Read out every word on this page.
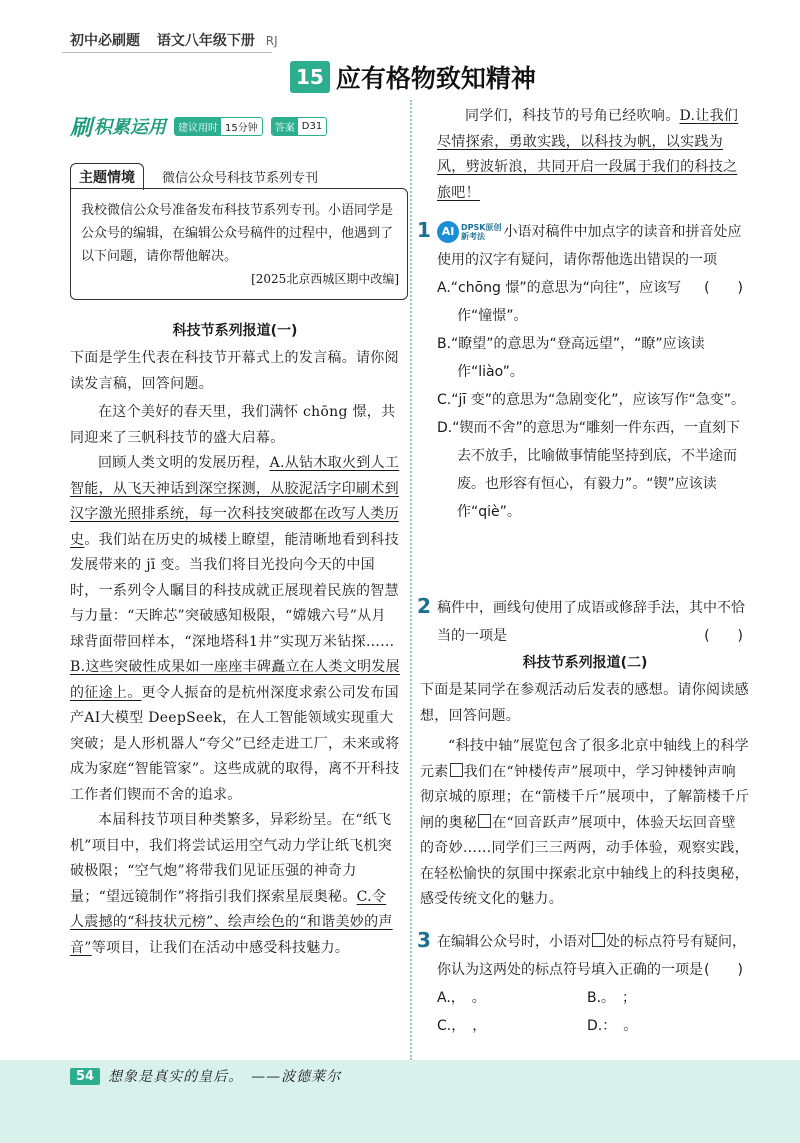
初中必刷题 语文八年级下册 RJ
15 应有格物致知精神
刷 积累运用	建议用时 15分钟	答案 D31
主题情境	微信公众号科技节系列专刊
我校微信公众号准备发布科技节系列专刊。小语同学是公众号的编辑，在编辑公众号稿件的过程中，他遇到了以下问题，请你帮他解决。
[2025北京西城区期中改编]
科技节系列报道(一)
下面是学生代表在科技节开幕式上的发言稿。请你阅读发言稿，回答问题。

在这个美好的春天里，我们满怀 chōng 憬，共同迎来了三帆科技节的盛大启幕。

回顾人类文明的发展历程，A.从钻木取火到人工智能，从飞天神话到深空探测，从胶泥活字印刷术到汉字激光照排系统，每一次科技突破都在改写人类历史。我们站在历史的城楼上瞭望，能清晰地看到科技发展带来的 jī 变。当我们将目光投向今天的中国时，一系列令人瞩目的科技成就正展现着民族的智慧与力量：“天眸芯”突破感知极限，“嫦娥六号”从月球背面带回样本，“深地塔科1井”实现万米钻探……B.这些突破性成果如一座座丰碑矗立在人类文明发展的征途上。更令人振奋的是杭州深度求索公司发布国产AI大模型 DeepSeek，在人工智能领域实现重大突破；是人形机器人“夸父”已经走进工厂，未来或将成为家庭“智能管家”。这些成就的取得，离不开科技工作者们锲而不舍的追求。

本届科技节项目种类繁多，异彩纷呈。在“纸飞机”项目中，我们将尝试运用空气动力学让纸飞机突破极限；“空气炮”将带我们见证压强的神奇力量；“望远镜制作”将指引我们探索星辰奥秘。C.令人震撼的“科技状元榜”、绘声绘色的“和谐美妙的声音”等项目，让我们在活动中感受科技魅力。

同学们，科技节的号角已经吹响。D.让我们尽情探索，勇敢实践，以科技为帆，以实践为风，劈波斩浪，共同开启一段属于我们的科技之旅吧！

1 AI DPSK原创
新考法	小语对稿件中加点字的读音和拼音处应使用的汉字有疑问，请你帮他选出错误的一项
(　　)
A.“chōng 憬”的意思为“向往”，应该写作“憧憬”。
B.“瞭望”的意思为“登高远望”，“瞭”应该读作“liào”。
C.“jī 变”的意思为“急剧变化”，应该写作“急变”。
D.“锲而不舍”的意思为“雕刻一件东西，一直刻下去不放手，比喻做事情能坚持到底，不半途而废。也形容有恒心，有毅力”。“锲”应该读作“qiè”。
2 稿件中，画线句使用了成语或修辞手法，其中不恰当的一项是	(　　)
科技节系列报道(二)
下面是某同学在参观活动后发表的感想。请你阅读感想，回答问题。

“科技中轴”展览包含了很多北京中轴线上的科学元素 我们在“钟楼传声”展项中，学习钟楼钟声响彻京城的原理；在“箭楼千斤”展项中，了解箭楼千斤闸的奥秘 在“回音跃声”展项中，体验天坛回音壁的奇妙……同学们三三两两，动手体验，观察实践，在轻松愉快的氛围中探索北京中轴线上的科技奥秘，感受传统文化的魅力。

3 在编辑公众号时，小语对 处的标点符号有疑问，你认为这两处的标点符号填入正确的一项是 (　　)
A.，　。	B.。　；
C.，　，	D.：　。
54	想象是真实的皇后。　——波德莱尔
